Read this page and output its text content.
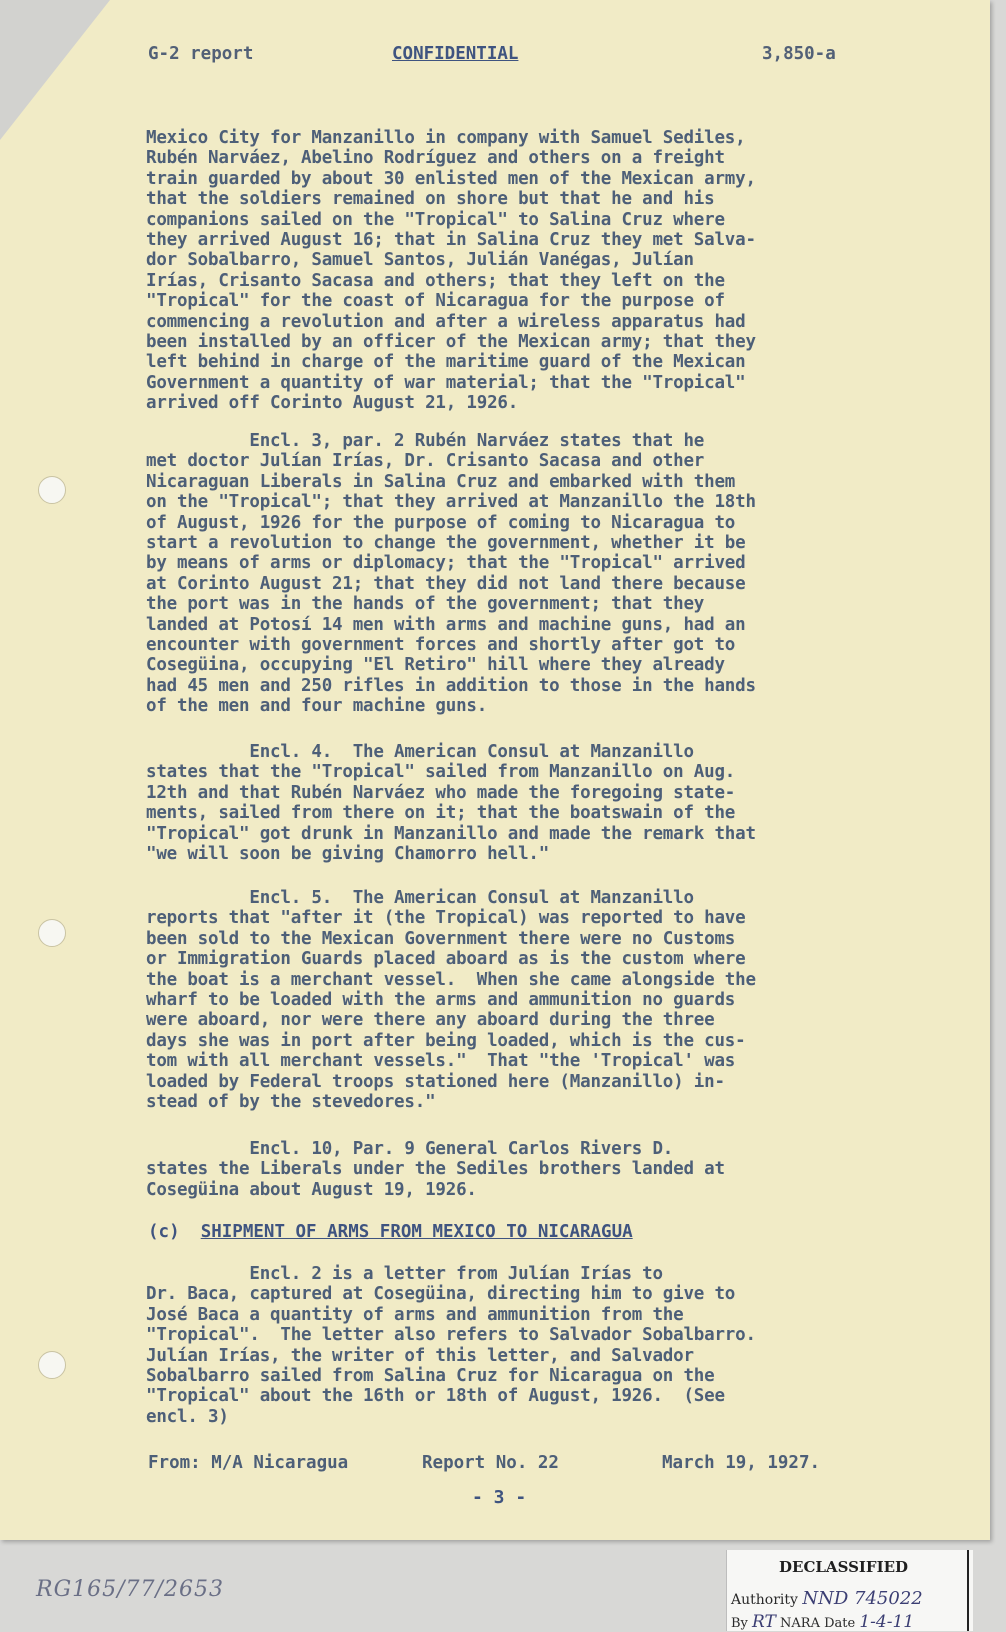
G-2 report	CONFIDENTIAL	3,850-a
Mexico City for Manzanillo in company with Samuel Sediles,
Rubén Narváez, Abelino Rodríguez and others on a freight
train guarded by about 30 enlisted men of the Mexican army,
that the soldiers remained on shore but that he and his
companions sailed on the "Tropical" to Salina Cruz where
they arrived August 16; that in Salina Cruz they met Salva-
dor Sobalbarro, Samuel Santos, Julián Vanégas, Julían
Irías, Crisanto Sacasa and others; that they left on the
"Tropical" for the coast of Nicaragua for the purpose of
commencing a revolution and after a wireless apparatus had
been installed by an officer of the Mexican army; that they
left behind in charge of the maritime guard of the Mexican
Government a quantity of war material; that the "Tropical"
arrived off Corinto August 21, 1926.
Encl. 3, par. 2 Rubén Narváez states that he
met doctor Julían Irías, Dr. Crisanto Sacasa and other
Nicaraguan Liberals in Salina Cruz and embarked with them
on the "Tropical"; that they arrived at Manzanillo the 18th
of August, 1926 for the purpose of coming to Nicaragua to
start a revolution to change the government, whether it be
by means of arms or diplomacy; that the "Tropical" arrived
at Corinto August 21; that they did not land there because
the port was in the hands of the government; that they
landed at Potosí 14 men with arms and machine guns, had an
encounter with government forces and shortly after got to
Cosegüina, occupying "El Retiro" hill where they already
had 45 men and 250 rifles in addition to those in the hands
of the men and four machine guns.
Encl. 4.  The American Consul at Manzanillo
states that the "Tropical" sailed from Manzanillo on Aug.
12th and that Rubén Narváez who made the foregoing state-
ments, sailed from there on it; that the boatswain of the
"Tropical" got drunk in Manzanillo and made the remark that
"we will soon be giving Chamorro hell."
Encl. 5.  The American Consul at Manzanillo
reports that "after it (the Tropical) was reported to have
been sold to the Mexican Government there were no Customs
or Immigration Guards placed aboard as is the custom where
the boat is a merchant vessel.  When she came alongside the
wharf to be loaded with the arms and ammunition no guards
were aboard, nor were there any aboard during the three
days she was in port after being loaded, which is the cus-
tom with all merchant vessels."  That "the 'Tropical' was
loaded by Federal troops stationed here (Manzanillo) in-
stead of by the stevedores."
Encl. 10, Par. 9 General Carlos Rivers D.
states the Liberals under the Sediles brothers landed at
Cosegüina about August 19, 1926.
(c) SHIPMENT OF ARMS FROM MEXICO TO NICARAGUA
Encl. 2 is a letter from Julían Irías to
Dr. Baca, captured at Cosegüina, directing him to give to
José Baca a quantity of arms and ammunition from the
"Tropical".  The letter also refers to Salvador Sobalbarro.
Julían Irías, the writer of this letter, and Salvador
Sobalbarro sailed from Salina Cruz for Nicaragua on the
"Tropical" about the 16th or 18th of August, 1926.  (See
encl. 3)
From: M/A Nicaragua	Report No. 22	March 19, 1927.
- 3 -
RG165/77/2653
DECLASSIFIED
Authority NND 745022
By RT NARA Date 1-4-11
